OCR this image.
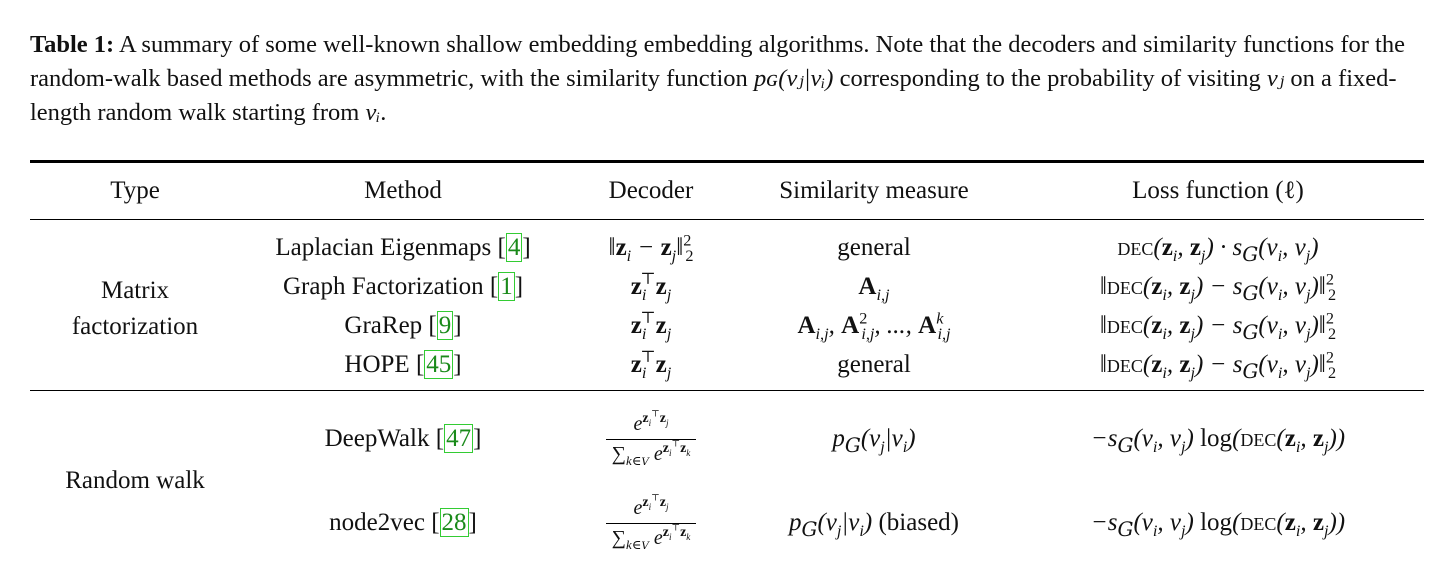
Table 1: A summary of some well-known shallow embedding embedding algorithms. Note that the decoders and similarity functions for the random-walk based methods are asymmetric, with the similarity function pɢ(vⱼ|vᵢ) corresponding to the probability of visiting vⱼ on a fixed-length random walk starting from vᵢ.
Type	Method	Decoder	Similarity measure	Loss function (ℓ)

Matrix
factorization	Laplacian Eigenmaps [4]	$‖z_i$ − $z_j‖^2_2$	general	$dec(z_i$, $z_j) \cdot s_G(v_i$, $v_j$)
	Graph Factorization [1]	$z_i^⊤z_j$	$A_{i,j}$	$‖dec(z_i$, $z_j) - s_G(v_i$, $v_j)‖^2_2$
	GraRep [9]	$z_i^⊤z_j$	$A_{i,j}$, $A^2_{i,j}$, ..., $A^k_{i,j}$	$‖dec(z_i$, $z_j) - s_G(v_i$, $v_j)‖^2_2$
	HOPE [45]	$z_i^⊤z_j$	general	$‖dec(z_i$, $z_j) - s_G(v_i$, $v_j)‖^2_2$
Random walk	DeepWalk [47]	$\frac{e^{z_i^⊤z_j}}{\sum_{k\in V} e^{z_i^⊤z_k}}$	$p_G(v_j|v_i)$	$-s_G(v_i$, $v_j$) $\log(dec(z_i$, $z_j$))
	node2vec [28]	$\frac{e^{z_i^⊤z_j}}{\sum_{k\in V} e^{z_i^⊤z_k}}$	$p_G(v_j|v_i)$ (biased)	$-s_G(v_i$, $v_j$) $\log(dec(z_i$, $z_j$))
